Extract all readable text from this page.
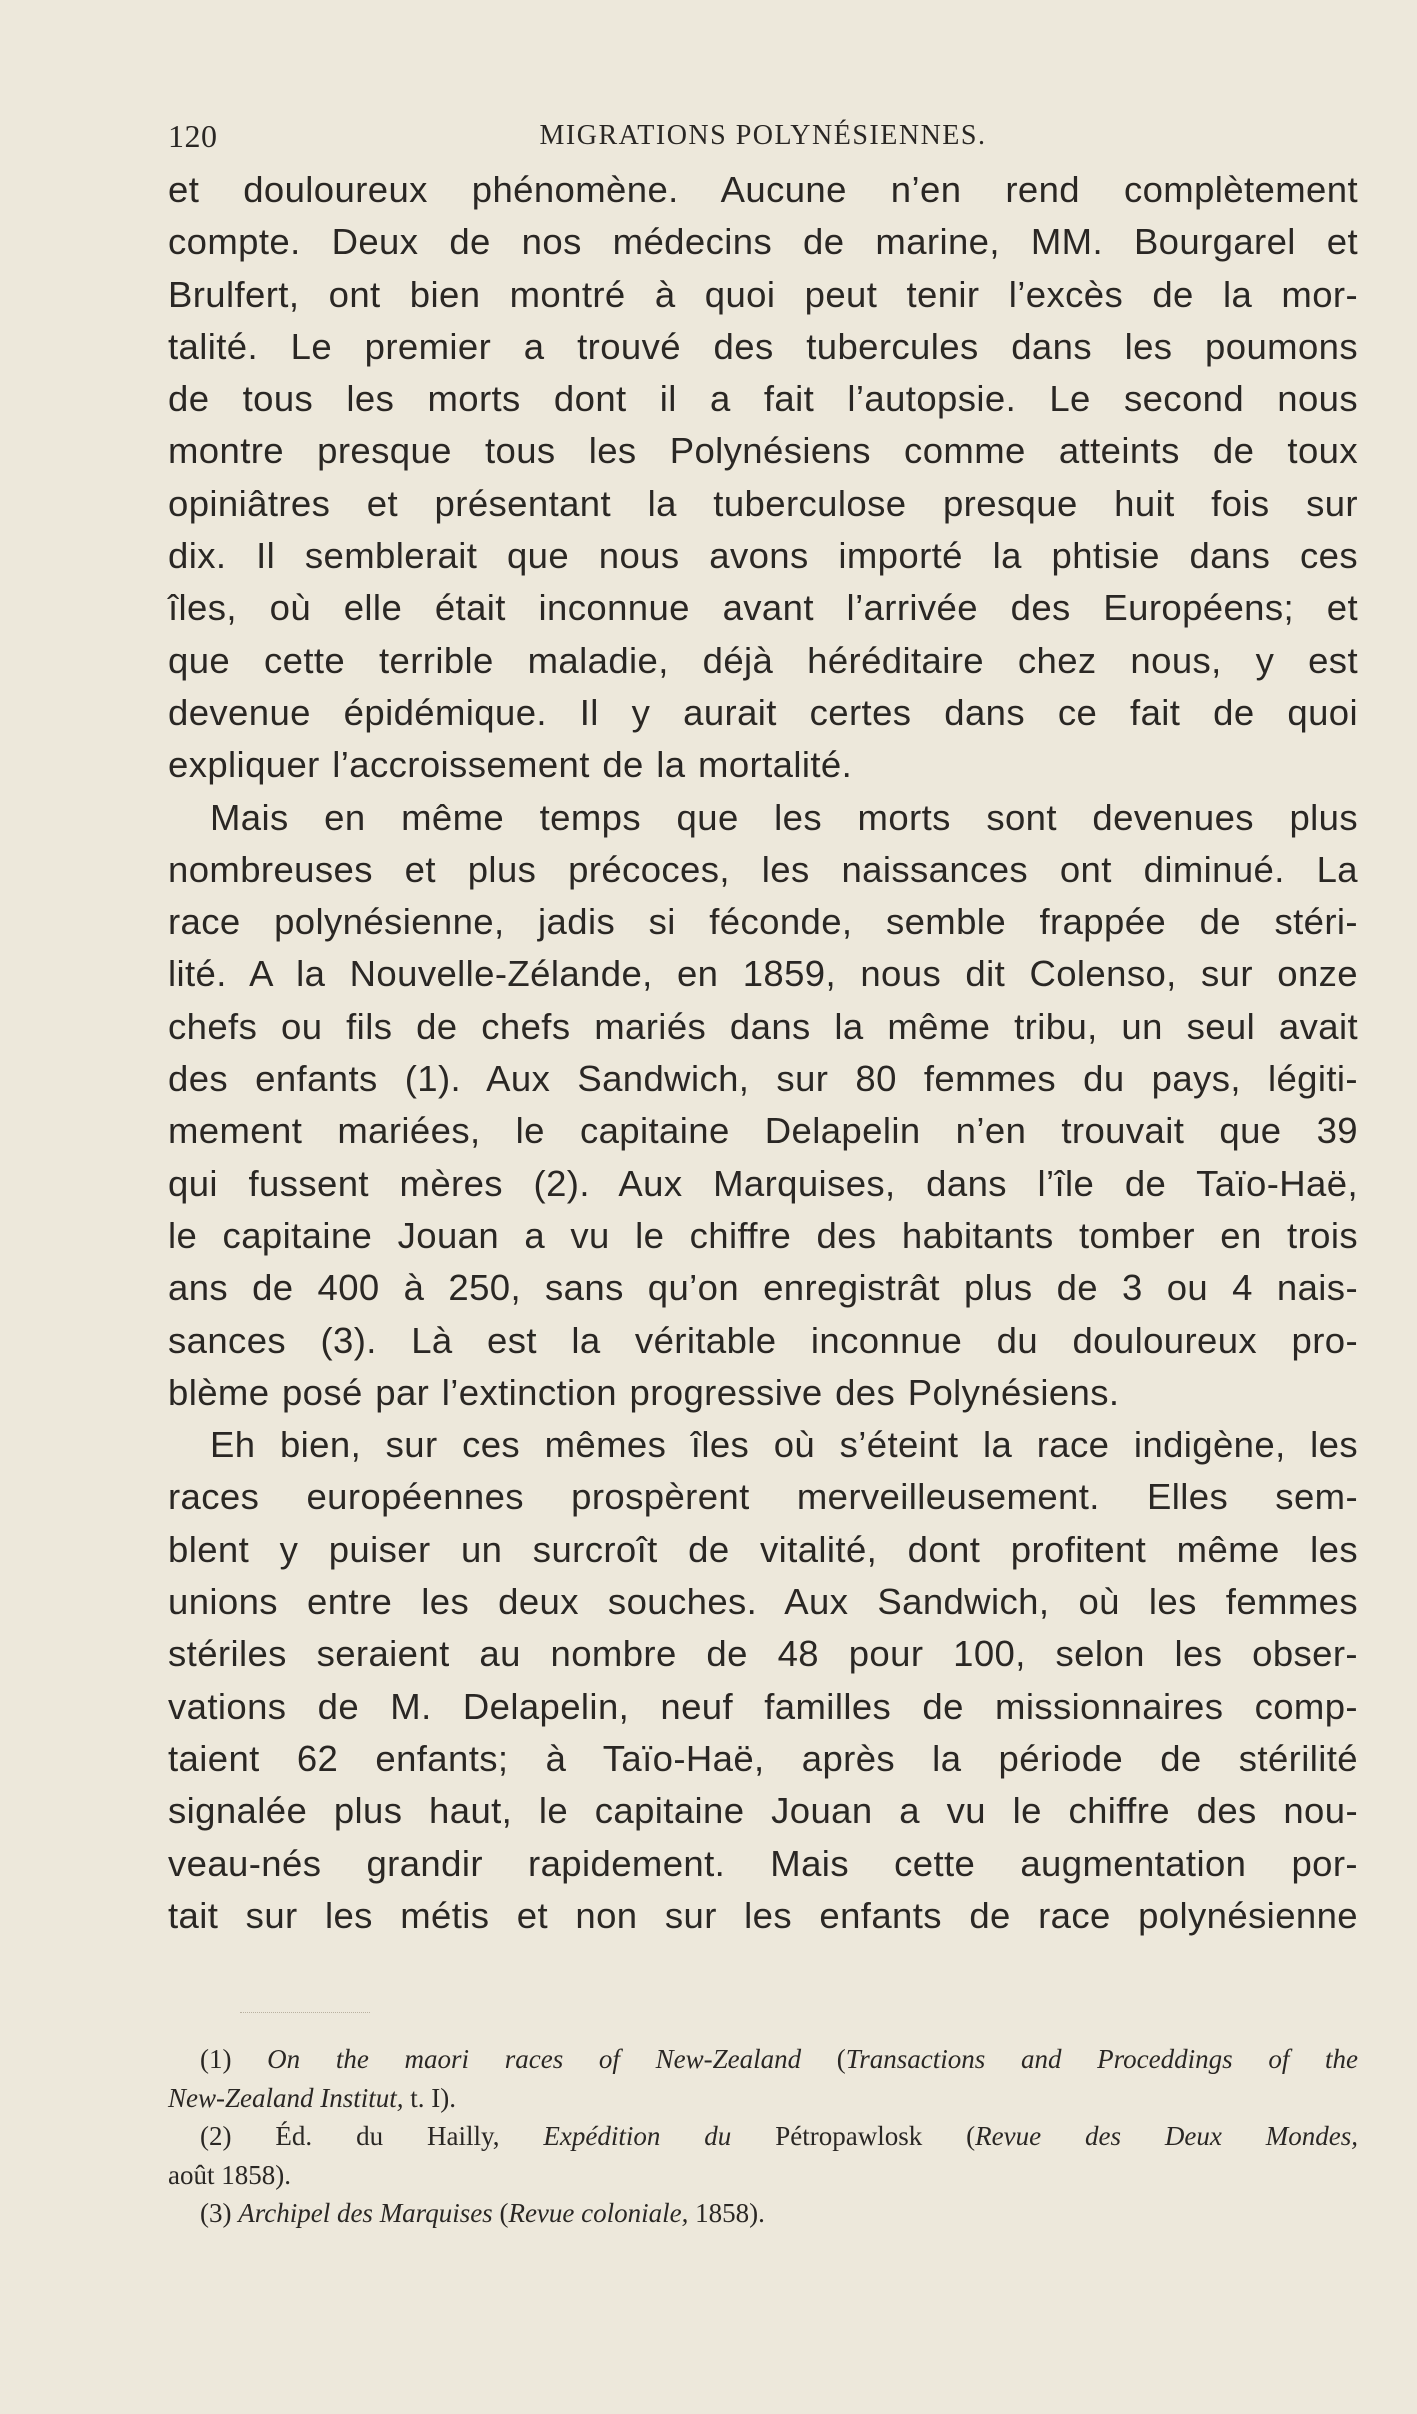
120	MIGRATIONS POLYNÉSIENNES.
et douloureux phénomène. Aucune n’en rend complètement
compte. Deux de nos médecins de marine, MM. Bourgarel et
Brulfert, ont bien montré à quoi peut tenir l’excès de la mor-
talité. Le premier a trouvé des tubercules dans les poumons
de tous les morts dont il a fait l’autopsie. Le second nous
montre presque tous les Polynésiens comme atteints de toux
opiniâtres et présentant la tuberculose presque huit fois sur
dix. Il semblerait que nous avons importé la phtisie dans ces
îles, où elle était inconnue avant l’arrivée des Européens; et
que cette terrible maladie, déjà héréditaire chez nous, y est
devenue épidémique. Il y aurait certes dans ce fait de quoi
expliquer l’accroissement de la mortalité.
Mais en même temps que les morts sont devenues plus
nombreuses et plus précoces, les naissances ont diminué. La
race polynésienne, jadis si féconde, semble frappée de stéri-
lité. A la Nouvelle-Zélande, en 1859, nous dit Colenso, sur onze
chefs ou fils de chefs mariés dans la même tribu, un seul avait
des enfants (1). Aux Sandwich, sur 80 femmes du pays, légiti-
mement mariées, le capitaine Delapelin n’en trouvait que 39
qui fussent mères (2). Aux Marquises, dans l’île de Taïo-Haë,
le capitaine Jouan a vu le chiffre des habitants tomber en trois
ans de 400 à 250, sans qu’on enregistrât plus de 3 ou 4 nais-
sances (3). Là est la véritable inconnue du douloureux pro-
blème posé par l’extinction progressive des Polynésiens.
Eh bien, sur ces mêmes îles où s’éteint la race indigène, les
races européennes prospèrent merveilleusement. Elles sem-
blent y puiser un surcroît de vitalité, dont profitent même les
unions entre les deux souches. Aux Sandwich, où les femmes
stériles seraient au nombre de 48 pour 100, selon les obser-
vations de M. Delapelin, neuf familles de missionnaires comp-
taient 62 enfants; à Taïo-Haë, après la période de stérilité
signalée plus haut, le capitaine Jouan a vu le chiffre des nou-
veau-nés grandir rapidement. Mais cette augmentation por-
tait sur les métis et non sur les enfants de race polynésienne
(1) On the maori races of New-Zealand (Transactions and Proceddings of the
New-Zealand Institut, t. I).
(2) Éd. du Hailly, Expédition du Pétropawlosk (Revue des Deux Mondes,
août 1858).
(3) Archipel des Marquises (Revue coloniale, 1858).
